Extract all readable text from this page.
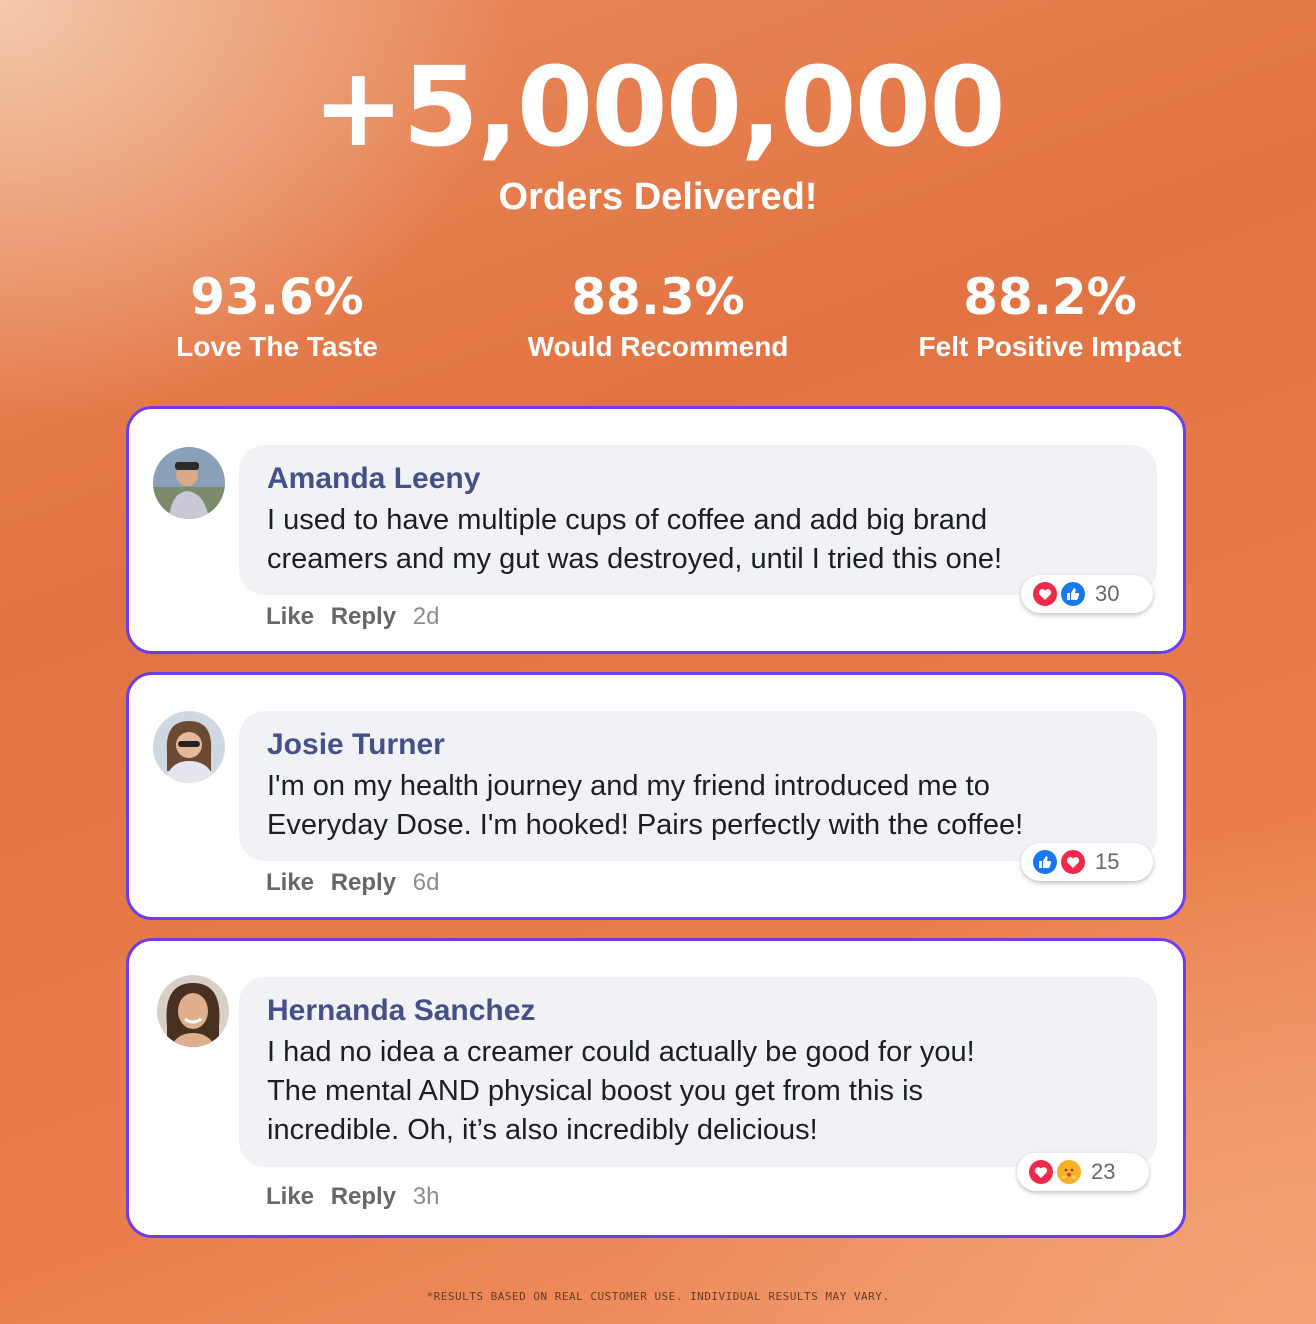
+5,000,000
Orders Delivered!
93.6%
Love The Taste
88.3%
Would Recommend
88.2%
Felt Positive Impact
Amanda Leeny
I used to have multiple cups of coffee and add big brand
creamers and my gut was destroyed, until I tried this one!
Like Reply 2d
30
Josie Turner
I'm on my health journey and my friend introduced me to
Everyday Dose. I'm hooked! Pairs perfectly with the coffee!
Like Reply 6d
15
Hernanda Sanchez
I had no idea a creamer could actually be good for you!
The mental AND physical boost you get from this is
incredible. Oh, it’s also incredibly delicious!
Like Reply 3h
23
*RESULTS BASED ON REAL CUSTOMER USE. INDIVIDUAL RESULTS MAY VARY.
